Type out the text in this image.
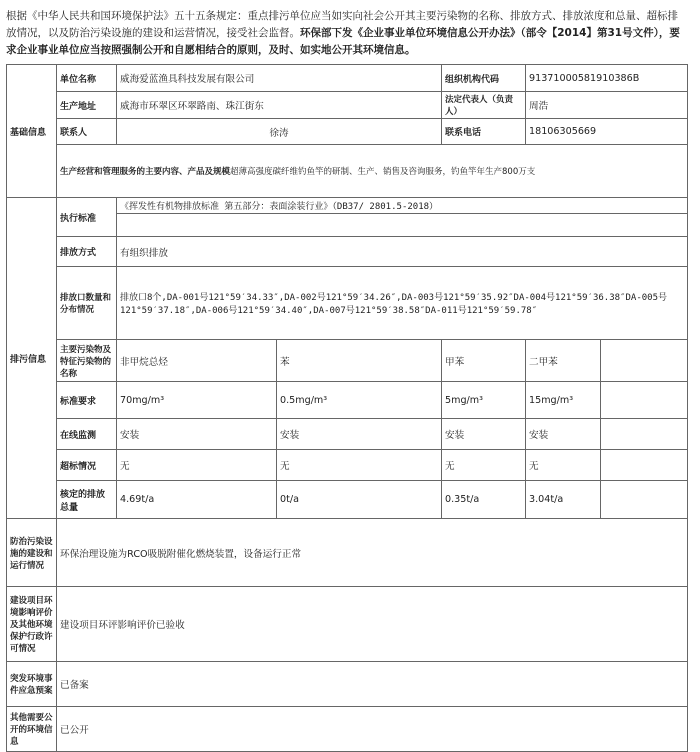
根据《中华人民共和国环境保护法》五十五条规定：重点排污单位应当如实向社会公开其主要污染物的名称、排放方式、排放浓度和总量、超标排放情况，以及防治污染设施的建设和运营情况，接受社会监督。环保部下发《企业事业单位环境信息公开办法》（部令【2014】第31号文件），要求企业事业单位应当按照强制公开和自愿相结合的原则，及时、如实地公开其环境信息。
基础信息	单位名称	威海爱蓝渔具科技发展有限公司		组织机构代码	91371000581910386B	
	生产地址	威海市环翠区环翠路南、珠江街东		法定代表人（负责人）	周浩	
	联系人	徐涛		联系电话	18106305669	
	生产经营和管理服务的主要内容、产品及规模超薄高强度碳纤维钓鱼竿的研制、生产、销售及咨询服务，钓鱼竿年生产800万支					
排污信息	执行标准	《挥发性有机物排放标准 第五部分：表面涂装行业》（DB37/ 2801.5-2018）				

	排放方式	有组织排放				
	排放口数量和分布情况	排放口8个,DA-001号121°59′34.33″,DA-002号121°59′34.26″,DA-003号121°59′35.92″DA-004号121°59′36.38″DA-005号121°59′37.18″,DA-006号121°59′34.40″,DA-007号121°59′38.58″DA-011号121°59′59.78″				
	主要污染物及特征污染物的名称	非甲烷总烃	苯	甲苯	二甲苯	
	标准要求	70mg/m³	0.5mg/m³	5mg/m³	15mg/m³	
	在线监测	安装	安装	安装	安装	
	超标情况	无	无	无	无	
	核定的排放总量	4.69t/a	0t/a	0.35t/a	3.04t/a	
防治污染设施的建设和运行情况	环保治理设施为RCO吸脱附催化燃烧装置，设备运行正常					
建设项目环境影响评价及其他环境保护行政许可情况	建设项目环评影响评价已验收					
突发环境事件应急预案	已备案					
其他需要公开的环境信息	已公开					
